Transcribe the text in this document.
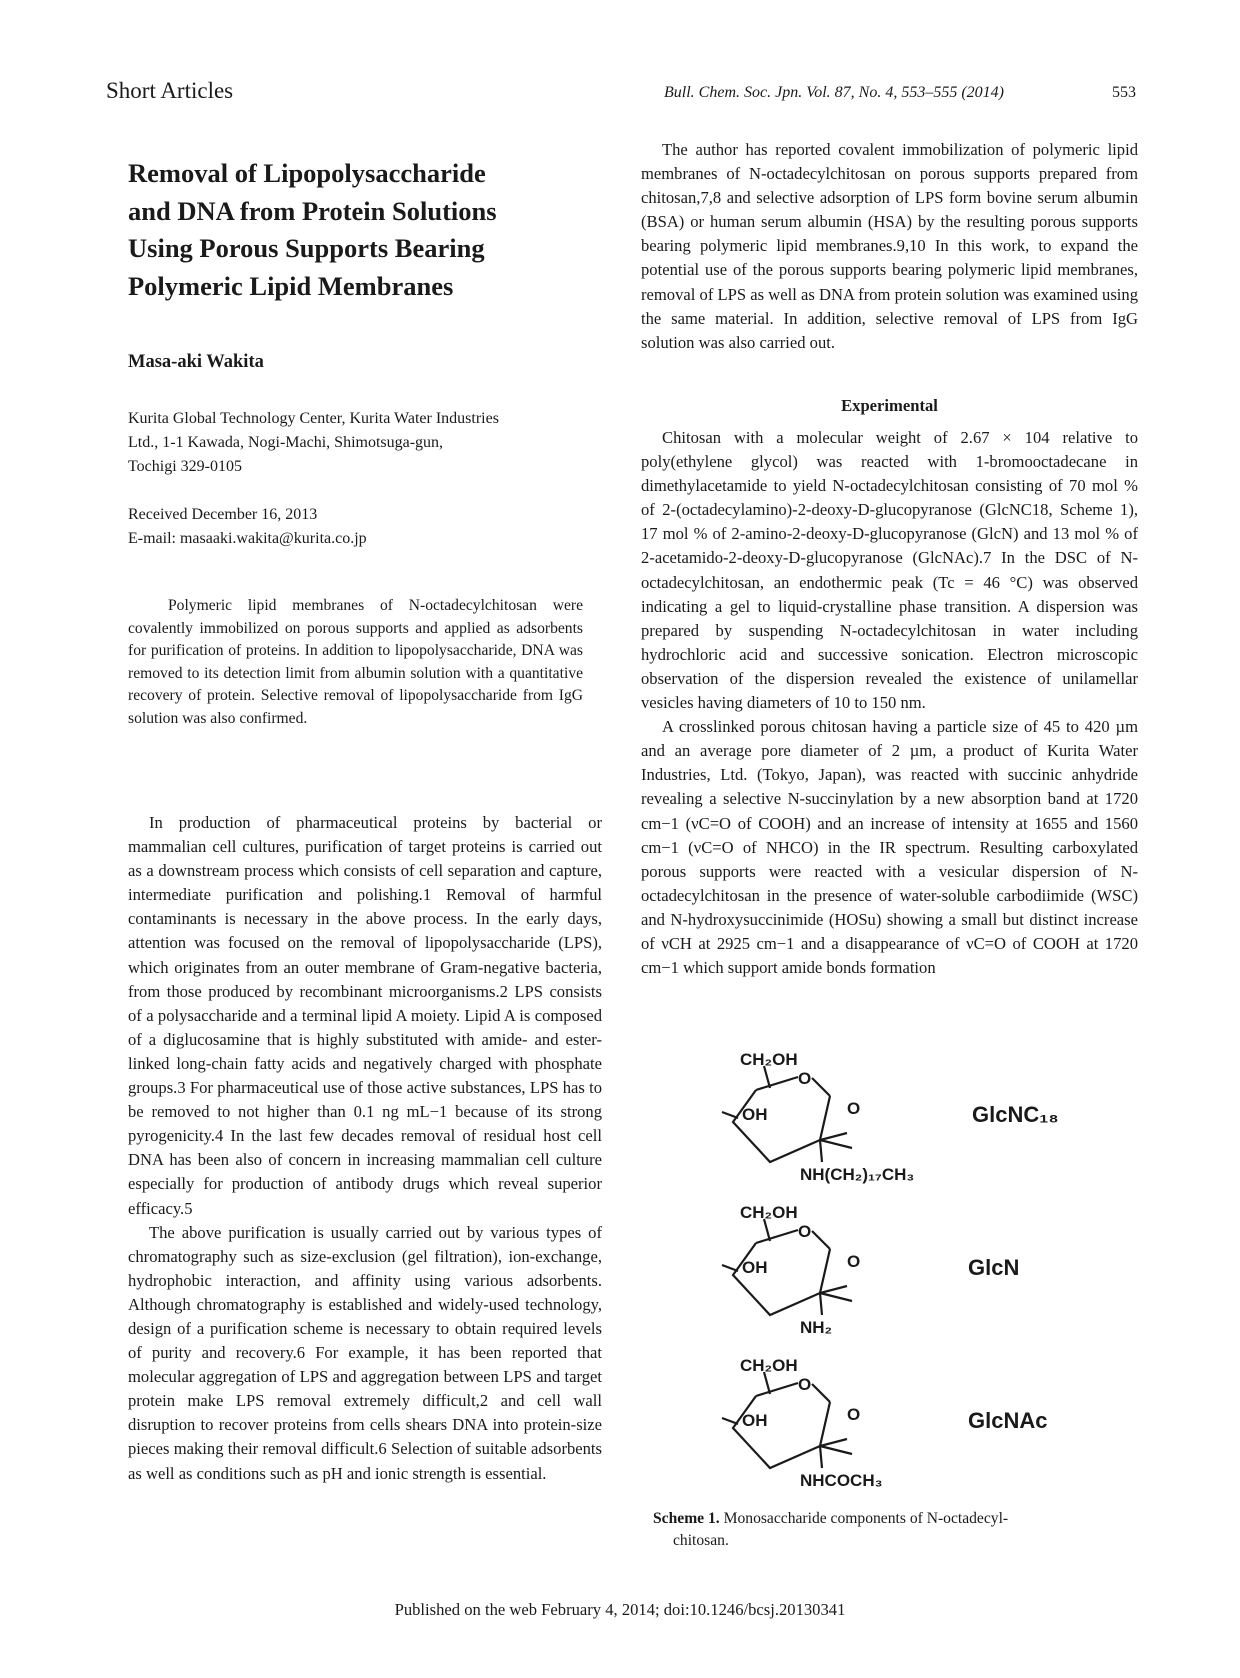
Short Articles	Bull. Chem. Soc. Jpn. Vol. 87, No. 4, 553–555 (2014)	553
Removal of Lipopolysaccharide
and DNA from Protein Solutions
Using Porous Supports Bearing
Polymeric Lipid Membranes
Masa-aki Wakita
Kurita Global Technology Center, Kurita Water Industries
Ltd., 1-1 Kawada, Nogi-Machi, Shimotsuga-gun,
Tochigi 329-0105
Received December 16, 2013
E-mail: masaaki.wakita@kurita.co.jp
Polymeric lipid membranes of N-octadecylchitosan were covalently immobilized on porous supports and applied as adsorbents for purification of proteins. In addition to lipopolysaccharide, DNA was removed to its detection limit from albumin solution with a quantitative recovery of protein. Selective removal of lipopolysaccharide from IgG solution was also confirmed.

In production of pharmaceutical proteins by bacterial or mammalian cell cultures, purification of target proteins is carried out as a downstream process which consists of cell separation and capture, intermediate purification and polishing.1 Removal of harmful contaminants is necessary in the above process. In the early days, attention was focused on the removal of lipopolysaccharide (LPS), which originates from an outer membrane of Gram-negative bacteria, from those produced by recombinant microorganisms.2 LPS consists of a polysaccharide and a terminal lipid A moiety. Lipid A is composed of a diglucosamine that is highly substituted with amide- and ester-linked long-chain fatty acids and negatively charged with phosphate groups.3 For pharmaceutical use of those active substances, LPS has to be removed to not higher than 0.1 ng mL−1 because of its strong pyrogenicity.4 In the last few decades removal of residual host cell DNA has been also of concern in increasing mammalian cell culture especially for production of antibody drugs which reveal superior efficacy.5

The above purification is usually carried out by various types of chromatography such as size-exclusion (gel filtration), ion-exchange, hydrophobic interaction, and affinity using various adsorbents. Although chromatography is established and widely-used technology, design of a purification scheme is necessary to obtain required levels of purity and recovery.6 For example, it has been reported that molecular aggregation of LPS and aggregation between LPS and target protein make LPS removal extremely difficult,2 and cell wall disruption to recover proteins from cells shears DNA into protein-size pieces making their removal difficult.6 Selection of suitable adsorbents as well as conditions such as pH and ionic strength is essential.

The author has reported covalent immobilization of polymeric lipid membranes of N-octadecylchitosan on porous supports prepared from chitosan,7,8 and selective adsorption of LPS form bovine serum albumin (BSA) or human serum albumin (HSA) by the resulting porous supports bearing polymeric lipid membranes.9,10 In this work, to expand the potential use of the porous supports bearing polymeric lipid membranes, removal of LPS as well as DNA from protein solution was examined using the same material. In addition, selective removal of LPS from IgG solution was also carried out.

Experimental

Chitosan with a molecular weight of 2.67 × 104 relative to poly(ethylene glycol) was reacted with 1-bromooctadecane in dimethylacetamide to yield N-octadecylchitosan consisting of 70 mol % of 2-(octadecylamino)-2-deoxy-D-glucopyranose (GlcNC18, Scheme 1), 17 mol % of 2-amino-2-deoxy-D-glucopyranose (GlcN) and 13 mol % of 2-acetamido-2-deoxy-D-glucopyranose (GlcNAc).7 In the DSC of N-octadecylchitosan, an endothermic peak (Tc = 46 °C) was observed indicating a gel to liquid-crystalline phase transition. A dispersion was prepared by suspending N-octadecylchitosan in water including hydrochloric acid and successive sonication. Electron microscopic observation of the dispersion revealed the existence of unilamellar vesicles having diameters of 10 to 150 nm.

A crosslinked porous chitosan having a particle size of 45 to 420 µm and an average pore diameter of 2 µm, a product of Kurita Water Industries, Ltd. (Tokyo, Japan), was reacted with succinic anhydride revealing a selective N-succinylation by a new absorption band at 1720 cm−1 (νC=O of COOH) and an increase of intensity at 1655 and 1560 cm−1 (νC=O of NHCO) in the IR spectrum. Resulting carboxylated porous supports were reacted with a vesicular dispersion of N-octadecylchitosan in the presence of water-soluble carbodiimide (WSC) and N-hydroxysuccinimide (HOSu) showing a small but distinct increase of νCH at 2925 cm−1 and a disappearance of νC=O of COOH at 1720 cm−1 which support amide bonds formation

CH₂OH
O
OH	O
NH(CH₂)₁₇CH₃
GlcNC₁₈
CH₂OH
O
OH	O
NH₂
GlcN
CH₂OH
O
OH	O
NHCOCH₃
GlcNAc
Scheme 1. Monosaccharide components of N-octadecyl-
chitosan.
Published on the web February 4, 2014; doi:10.1246/bcsj.20130341
